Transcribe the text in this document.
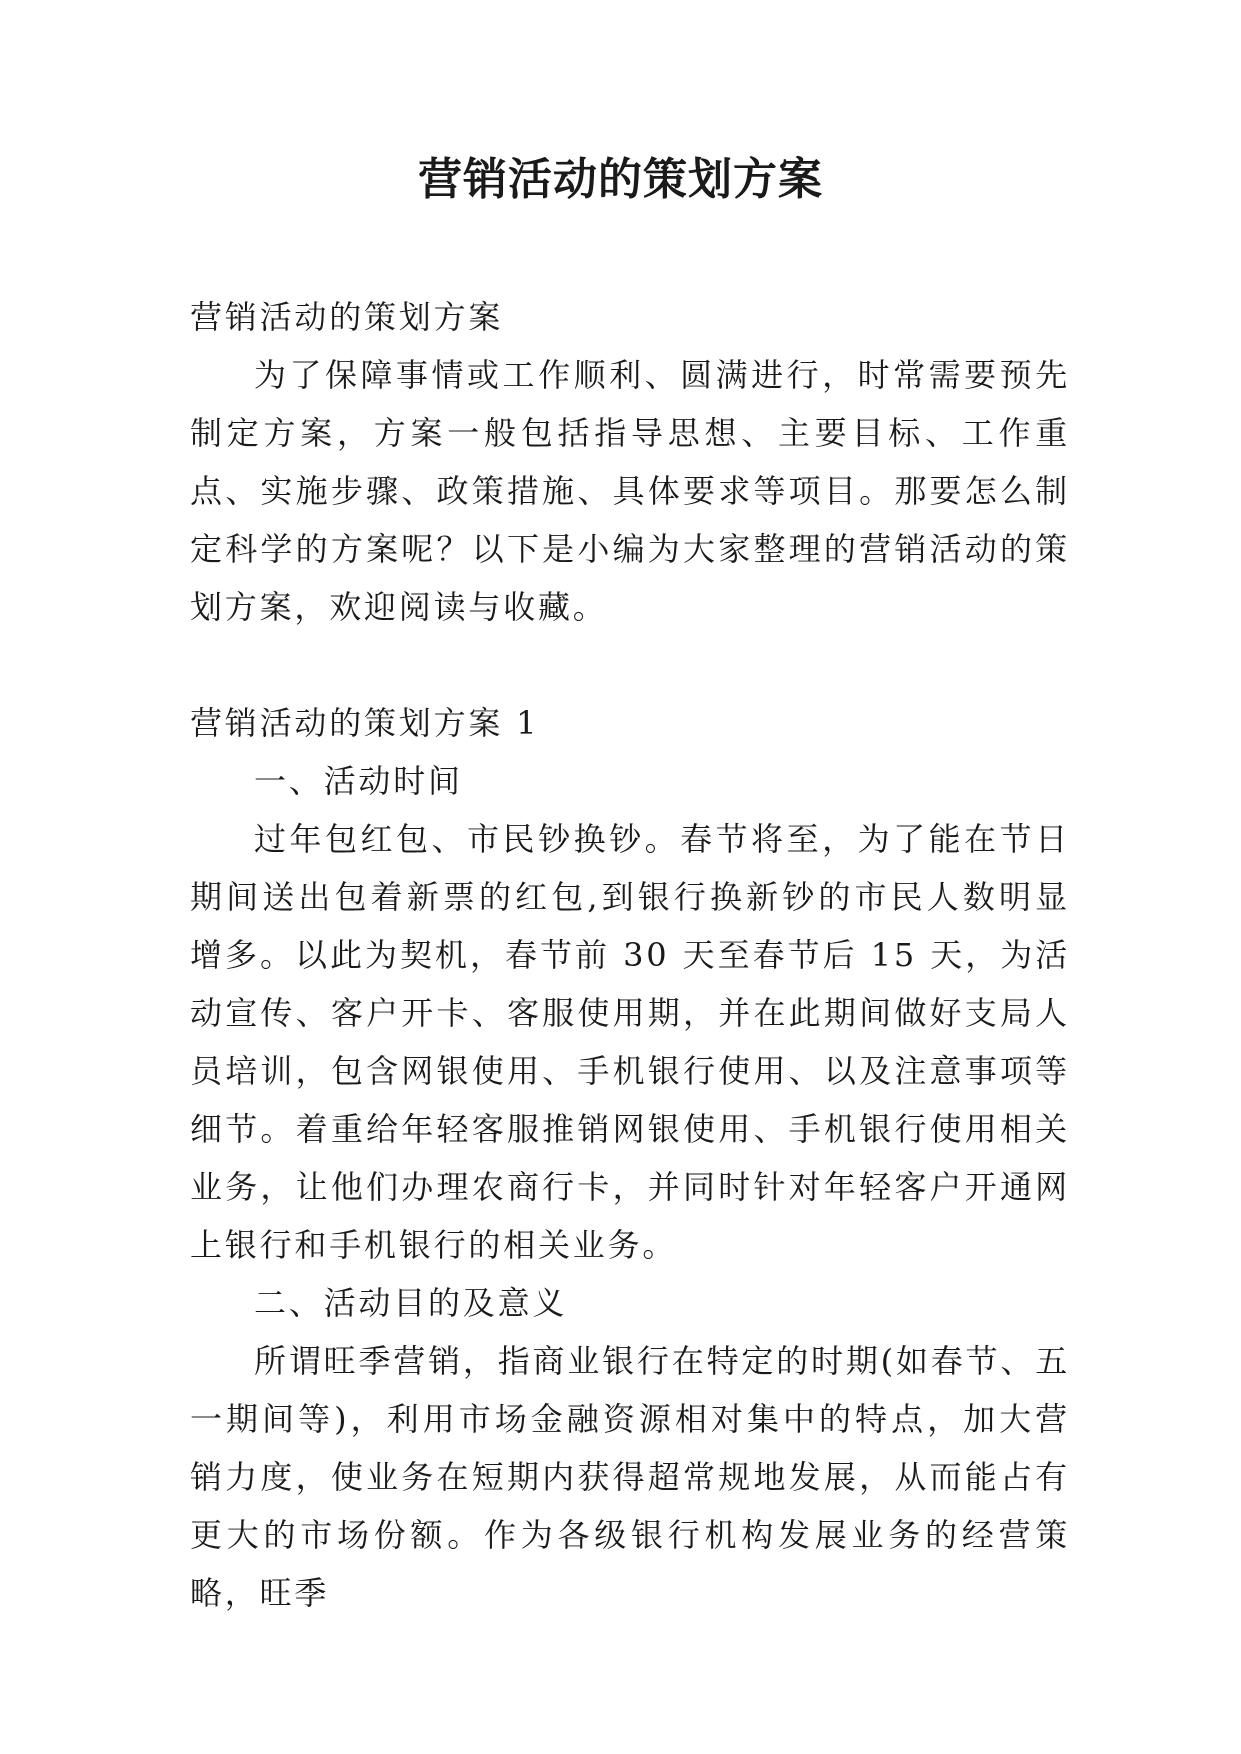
营销活动的策划方案

营销活动的策划方案

为了保障事情或工作顺利、圆满进行，时常需要预先制定方案，方案一般包括指导思想、主要目标、工作重点、实施步骤、政策措施、具体要求等项目。那要怎么制定科学的方案呢？以下是小编为大家整理的营销活动的策划方案，欢迎阅读与收藏。

营销活动的策划方案 1

一、活动时间

过年包红包、市民钞换钞。春节将至，为了能在节日期间送出包着新票的红包,到银行换新钞的市民人数明显增多。以此为契机，春节前 30 天至春节后 15 天，为活动宣传、客户开卡、客服使用期，并在此期间做好支局人员培训，包含网银使用、手机银行使用、以及注意事项等细节。着重给年轻客服推销网银使用、手机银行使用相关业务，让他们办理农商行卡，并同时针对年轻客户开通网上银行和手机银行的相关业务。

二、活动目的及意义

所谓旺季营销，指商业银行在特定的时期(如春节、五一期间等)，利用市场金融资源相对集中的特点，加大营销力度，使业务在短期内获得超常规地发展，从而能占有更大的市场份额。作为各级银行机构发展业务的经营策略，旺季
